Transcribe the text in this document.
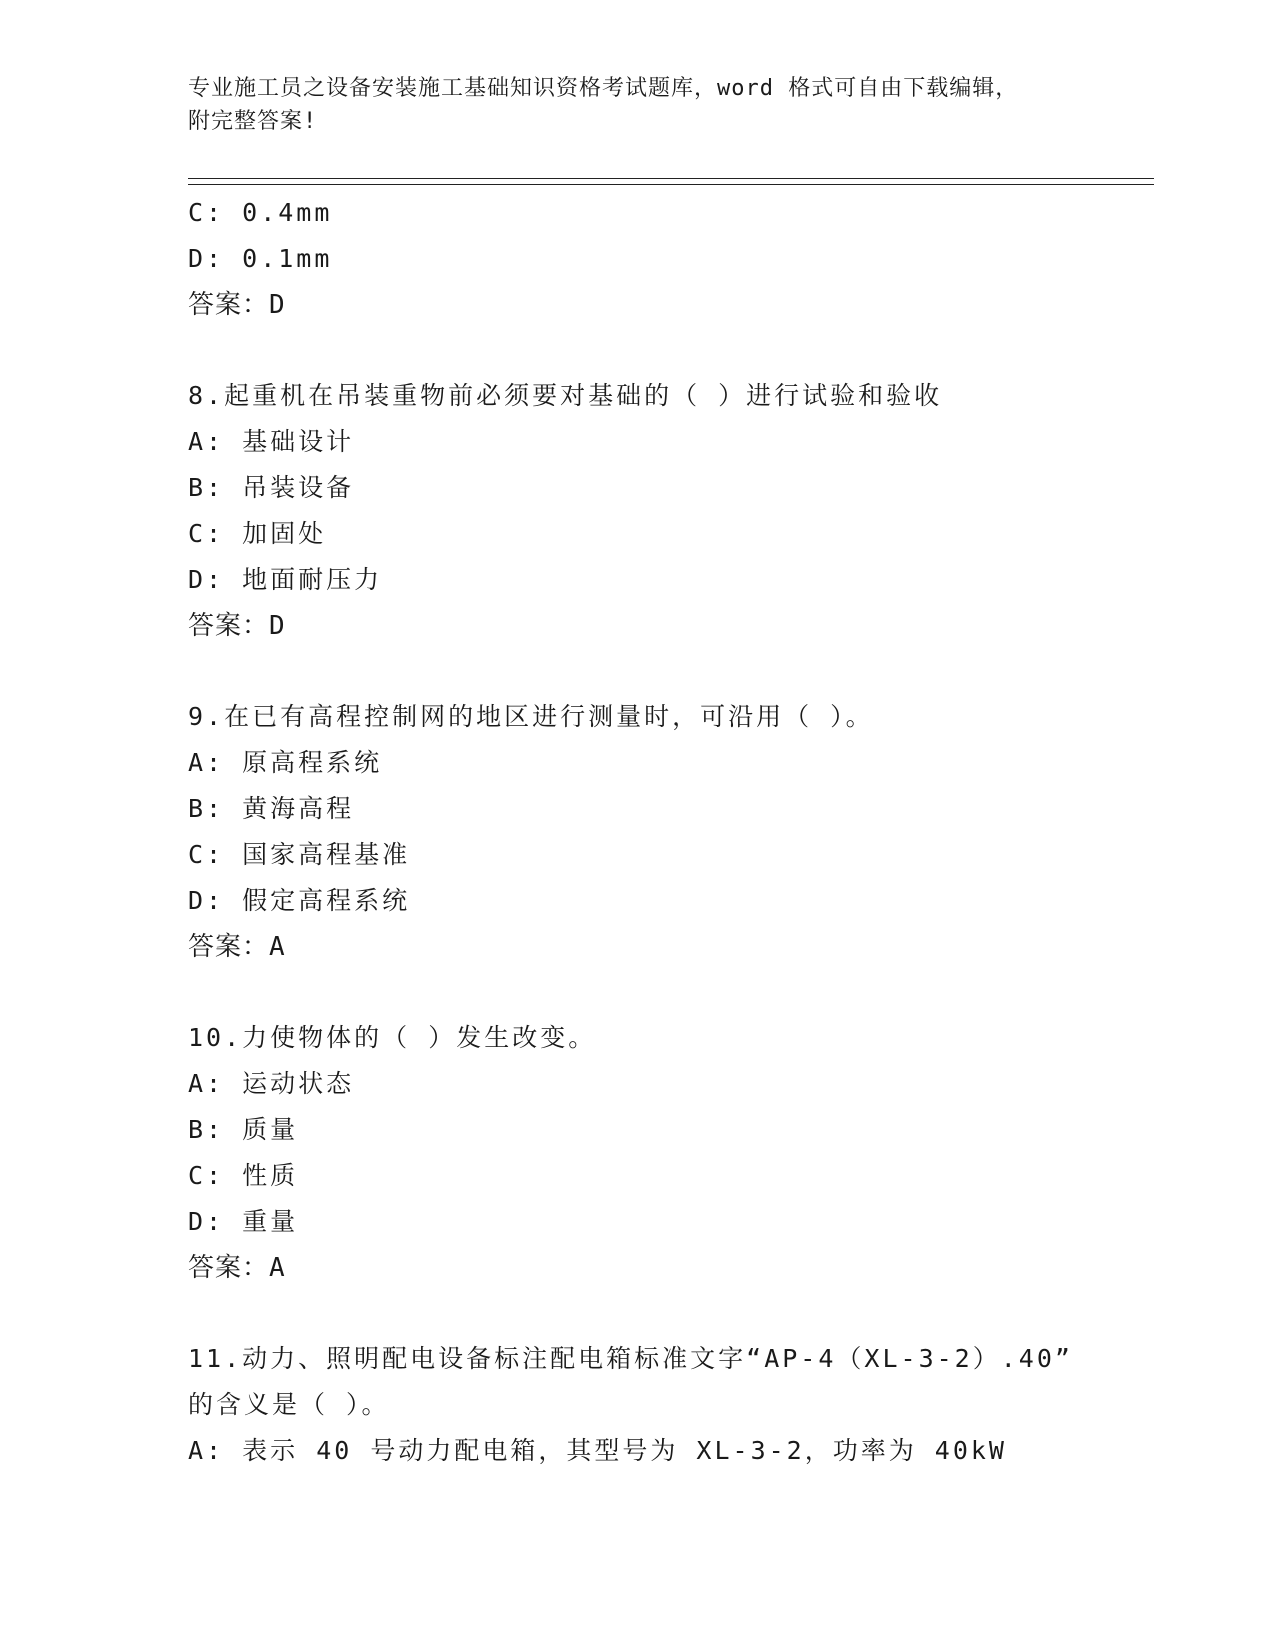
专业施工员之设备安装施工基础知识资格考试题库，word 格式可自由下载编辑，
附完整答案!
C: 0.4mm
D: 0.1mm
答案：D
8.起重机在吊装重物前必须要对基础的（ ）进行试验和验收
A: 基础设计
B: 吊装设备
C: 加固处
D: 地面耐压力
答案：D
9.在已有高程控制网的地区进行测量时，可沿用（ ）。
A: 原高程系统
B: 黄海高程
C: 国家高程基准
D: 假定高程系统
答案：A
10.力使物体的（ ）发生改变。
A: 运动状态
B: 质量
C: 性质
D: 重量
答案：A
11.动力、照明配电设备标注配电箱标准文字“AP-4（XL-3-2）.40”
的含义是（ ）。
A: 表示 40 号动力配电箱，其型号为 XL-3-2，功率为 40kW
